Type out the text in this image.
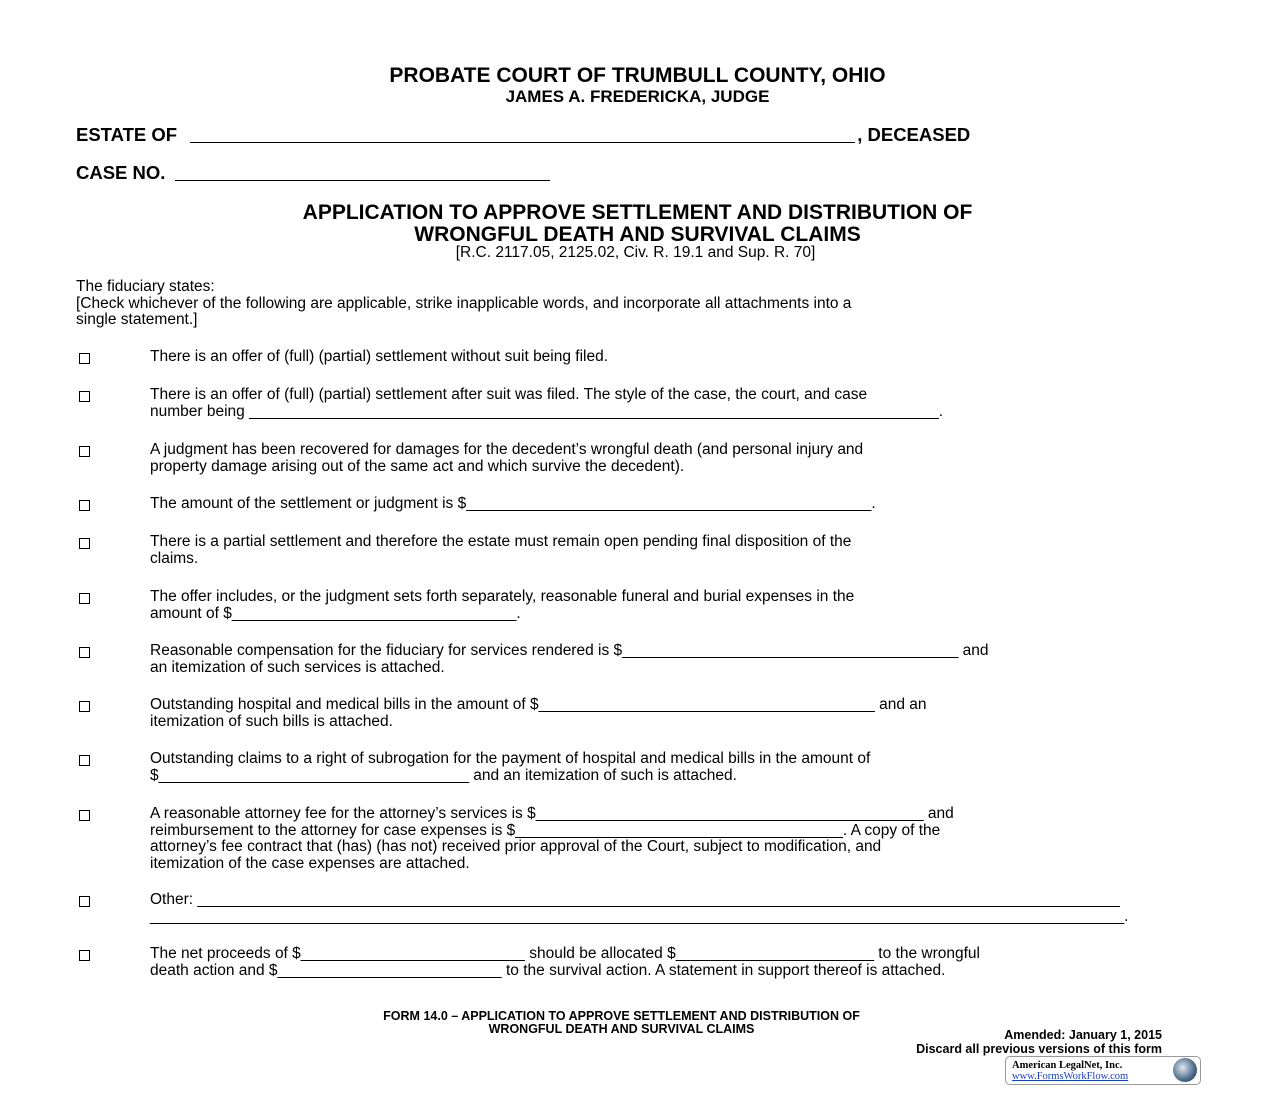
PROBATE COURT OF TRUMBULL COUNTY, OHIO
JAMES A. FREDERICKA, JUDGE
ESTATE OF	, DECEASED
CASE NO.
APPLICATION TO APPROVE SETTLEMENT AND DISTRIBUTION OF
WRONGFUL DEATH AND SURVIVAL CLAIMS
[R.C. 2117.05, 2125.02, Civ. R. 19.1 and Sup. R. 70]
The fiduciary states:
[Check whichever of the following are applicable, strike inapplicable words, and incorporate all attachments into a
single statement.]
There is an offer of (full) (partial) settlement without suit being filed.
There is an offer of (full) (partial) settlement after suit was filed. The style of the case, the court, and case
number being ________________________________________________________________________________.
A judgment has been recovered for damages for the decedent’s wrongful death (and personal injury and
property damage arising out of the same act and which survive the decedent).
The amount of the settlement or judgment is $_______________________________________________.
There is a partial settlement and therefore the estate must remain open pending final disposition of the
claims.
The offer includes, or the judgment sets forth separately, reasonable funeral and burial expenses in the
amount of $_________________________________.
Reasonable compensation for the fiduciary for services rendered is $_______________________________________ and
an itemization of such services is attached.
Outstanding hospital and medical bills in the amount of $_______________________________________ and an
itemization of such bills is attached.
Outstanding claims to a right of subrogation for the payment of hospital and medical bills in the amount of
$____________________________________ and an itemization of such is attached.
A reasonable attorney fee for the attorney’s services is $_____________________________________________ and
reimbursement to the attorney for case expenses is $______________________________________. A copy of the
attorney’s fee contract that (has) (has not) received prior approval of the Court, subject to modification, and
itemization of the case expenses are attached.
Other: ___________________________________________________________________________________________________________
_________________________________________________________________________________________________________________.
The net proceeds of $__________________________ should be allocated $_______________________ to the wrongful
death action and $__________________________ to the survival action. A statement in support thereof is attached.
FORM 14.0 – APPLICATION TO APPROVE SETTLEMENT AND DISTRIBUTION OF
WRONGFUL DEATH AND SURVIVAL CLAIMS	Amended: January 1, 2015
Discard all previous versions of this form
American LegalNet, Inc.
www.FormsWorkFlow.com
